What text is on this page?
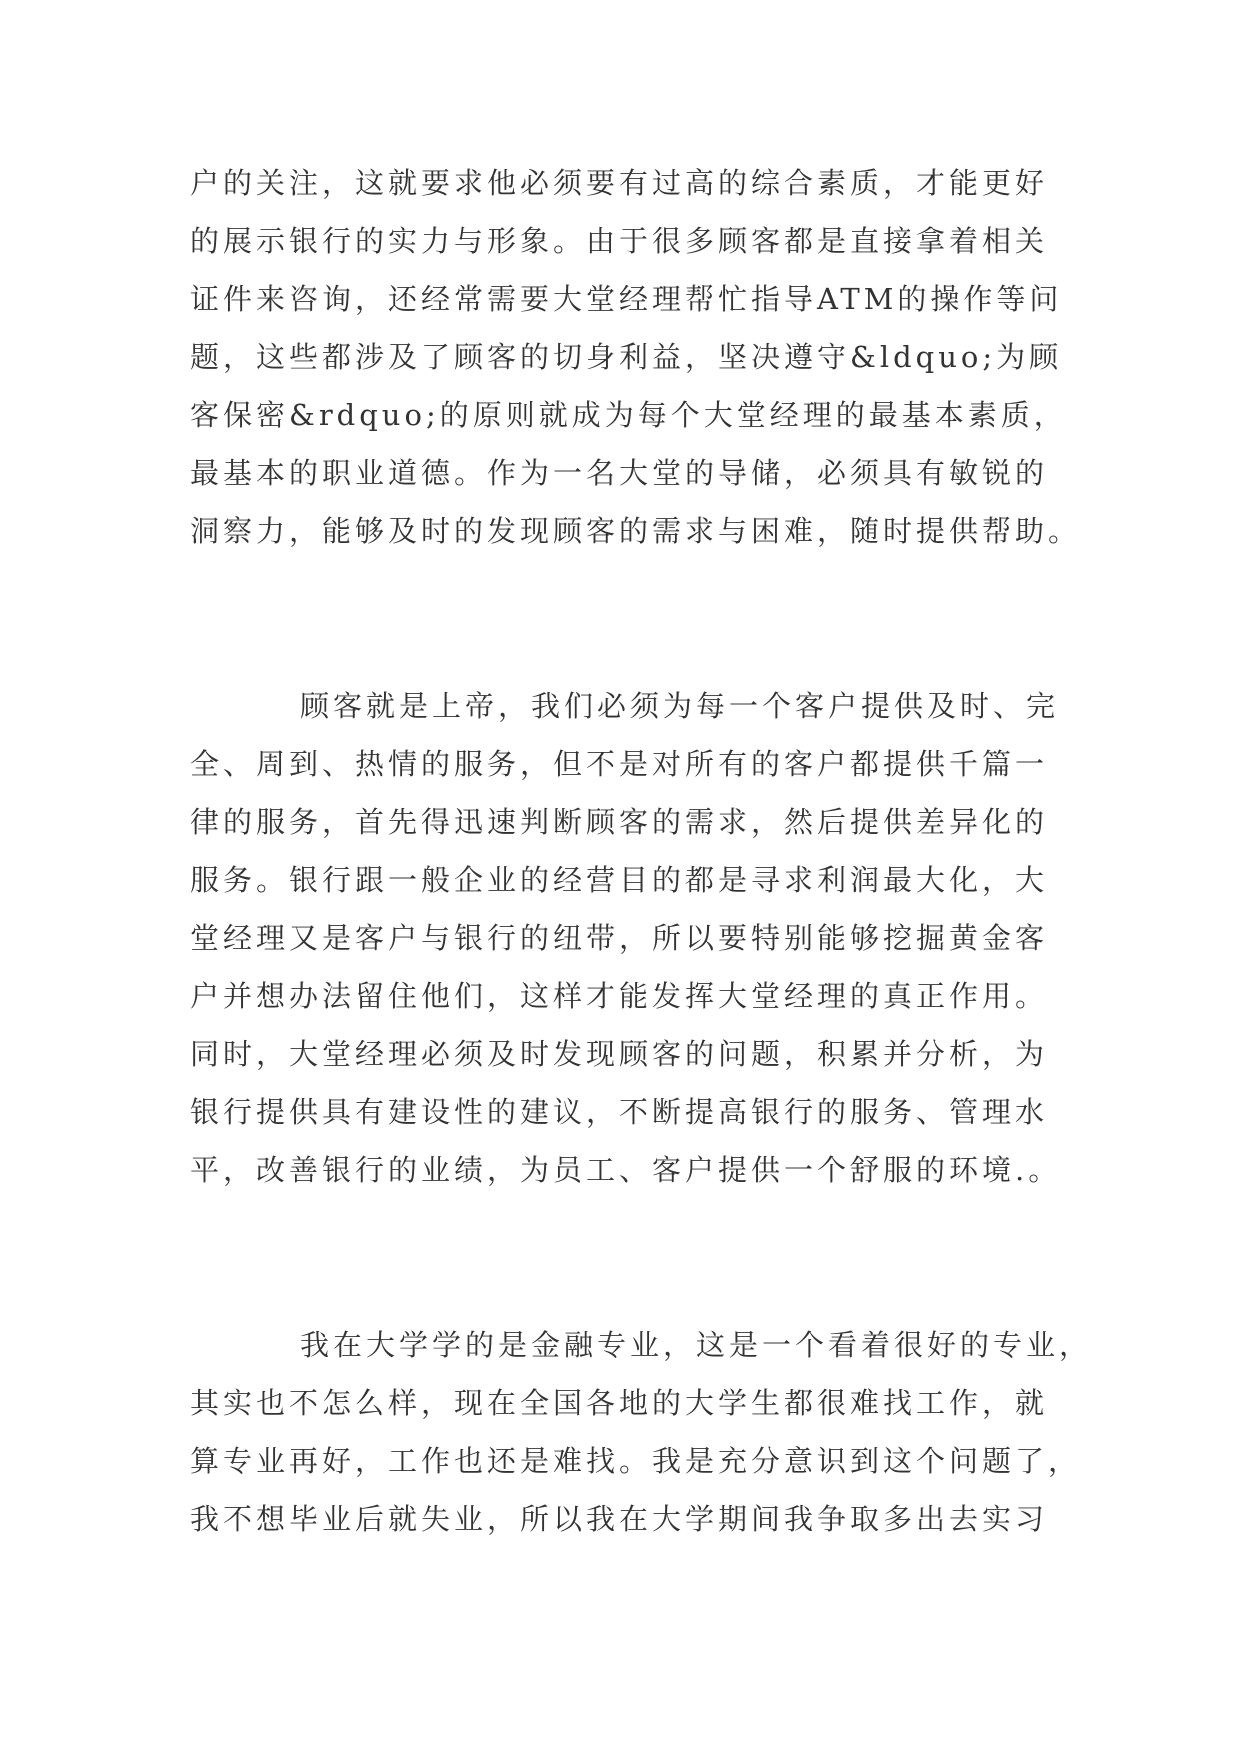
户的关注，这就要求他必须要有过高的综合素质，才能更好
的展示银行的实力与形象。由于很多顾客都是直接拿着相关
证件来咨询，还经常需要大堂经理帮忙指导ATM的操作等问
题，这些都涉及了顾客的切身利益，坚决遵守&ldquo;为顾
客保密&rdquo;的原则就成为每个大堂经理的最基本素质，
最基本的职业道德。作为一名大堂的导储，必须具有敏锐的
洞察力，能够及时的发现顾客的需求与困难，随时提供帮助。
顾客就是上帝，我们必须为每一个客户提供及时、完
全、周到、热情的服务，但不是对所有的客户都提供千篇一
律的服务，首先得迅速判断顾客的需求，然后提供差异化的
服务。银行跟一般企业的经营目的都是寻求利润最大化，大
堂经理又是客户与银行的纽带，所以要特别能够挖掘黄金客
户并想办法留住他们，这样才能发挥大堂经理的真正作用。
同时，大堂经理必须及时发现顾客的问题，积累并分析，为
银行提供具有建设性的建议，不断提高银行的服务、管理水
平，改善银行的业绩，为员工、客户提供一个舒服的环境.。
我在大学学的是金融专业，这是一个看着很好的专业，
其实也不怎么样，现在全国各地的大学生都很难找工作，就
算专业再好，工作也还是难找。我是充分意识到这个问题了，
我不想毕业后就失业，所以我在大学期间我争取多出去实习
